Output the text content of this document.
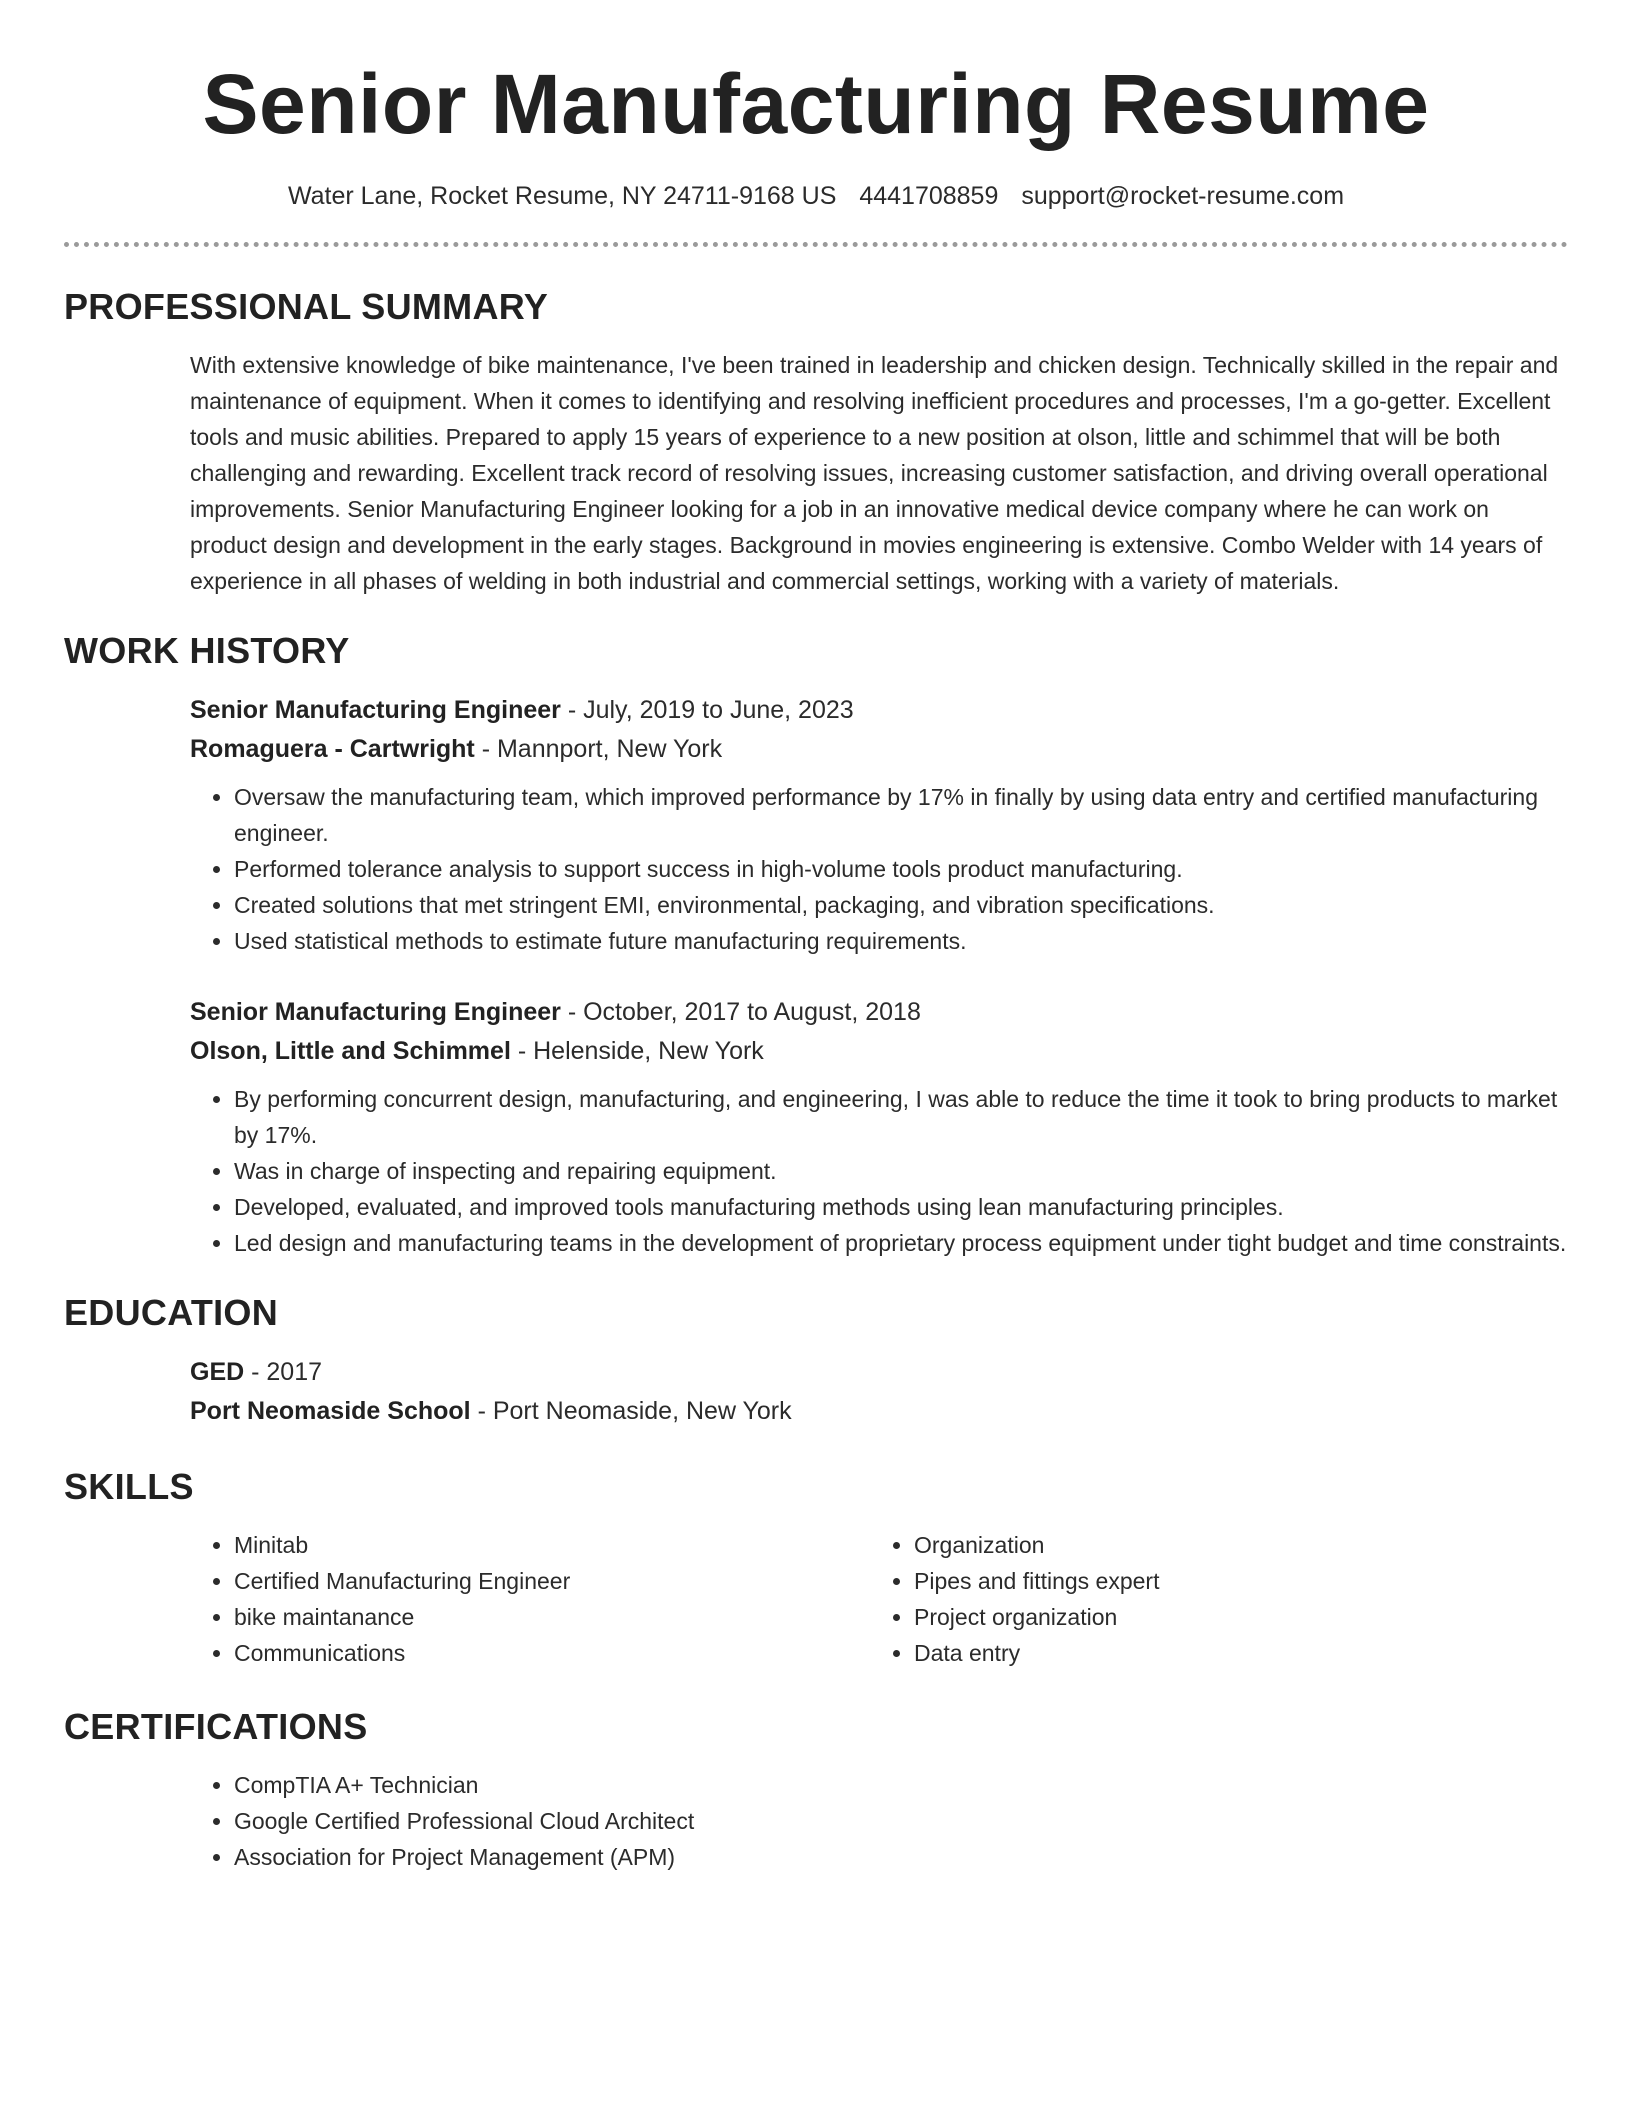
Senior Manufacturing Resume
Water Lane, Rocket Resume, NY 24711-9168 US 4441708859 support@rocket-resume.com
PROFESSIONAL SUMMARY

With extensive knowledge of bike maintenance, I've been trained in leadership and chicken design. Technically skilled in the repair and maintenance of equipment. When it comes to identifying and resolving inefficient procedures and processes, I'm a go-getter. Excellent tools and music abilities. Prepared to apply 15 years of experience to a new position at olson, little and schimmel that will be both challenging and rewarding. Excellent track record of resolving issues, increasing customer satisfaction, and driving overall operational improvements. Senior Manufacturing Engineer looking for a job in an innovative medical device company where he can work on product design and development in the early stages. Background in movies engineering is extensive. Combo Welder with 14 years of experience in all phases of welding in both industrial and commercial settings, working with a variety of materials.

WORK HISTORY
Senior Manufacturing Engineer - July, 2019 to June, 2023
Romaguera - Cartwright - Mannport, New York
• Oversaw the manufacturing team, which improved performance by 17% in finally by using data entry and certified manufacturing engineer.
• Performed tolerance analysis to support success in high-volume tools product manufacturing.
• Created solutions that met stringent EMI, environmental, packaging, and vibration specifications.
• Used statistical methods to estimate future manufacturing requirements.
Senior Manufacturing Engineer - October, 2017 to August, 2018
Olson, Little and Schimmel - Helenside, New York
• By performing concurrent design, manufacturing, and engineering, I was able to reduce the time it took to bring products to market by 17%.
• Was in charge of inspecting and repairing equipment.
• Developed, evaluated, and improved tools manufacturing methods using lean manufacturing principles.
• Led design and manufacturing teams in the development of proprietary process equipment under tight budget and time constraints.
EDUCATION
GED - 2017
Port Neomaside School - Port Neomaside, New York
SKILLS
• Minitab
• Certified Manufacturing Engineer
• bike maintanance
• Communications
• Organization
• Pipes and fittings expert
• Project organization
• Data entry
CERTIFICATIONS
• CompTIA A+ Technician
• Google Certified Professional Cloud Architect
• Association for Project Management (APM)
